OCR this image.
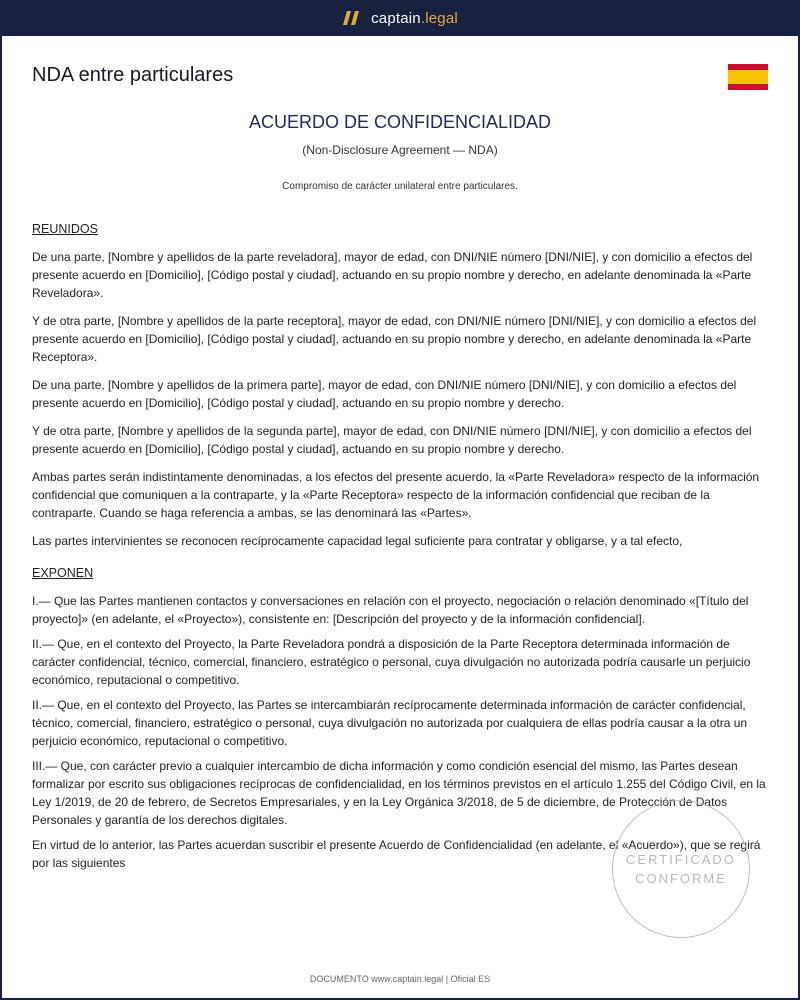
captain.legal
NDA entre particulares
ACUERDO DE CONFIDENCIALIDAD
(Non-Disclosure Agreement — NDA)
Compromiso de carácter unilateral entre particulares.
REUNIDOS

De una parte, [Nombre y apellidos de la parte reveladora], mayor de edad, con DNI/NIE número [DNI/NIE], y con domicilio a efectos del presente acuerdo en [Domicilio], [Código postal y ciudad], actuando en su propio nombre y derecho, en adelante denominada la «Parte Reveladora».

Y de otra parte, [Nombre y apellidos de la parte receptora], mayor de edad, con DNI/NIE número [DNI/NIE], y con domicilio a efectos del presente acuerdo en [Domicilio], [Código postal y ciudad], actuando en su propio nombre y derecho, en adelante denominada la «Parte Receptora».

De una parte, [Nombre y apellidos de la primera parte], mayor de edad, con DNI/NIE número [DNI/NIE], y con domicilio a efectos del presente acuerdo en [Domicilio], [Código postal y ciudad], actuando en su propio nombre y derecho.

Y de otra parte, [Nombre y apellidos de la segunda parte], mayor de edad, con DNI/NIE número [DNI/NIE], y con domicilio a efectos del presente acuerdo en [Domicilio], [Código postal y ciudad], actuando en su propio nombre y derecho.

Ambas partes serán indistintamente denominadas, a los efectos del presente acuerdo, la «Parte Reveladora» respecto de la información confidencial que comuniquen a la contraparte, y la «Parte Receptora» respecto de la información confidencial que reciban de la contraparte. Cuando se haga referencia a ambas, se las denominará las «Partes».

Las partes intervinientes se reconocen recíprocamente capacidad legal suficiente para contratar y obligarse, y a tal efecto,

EXPONEN

I.— Que las Partes mantienen contactos y conversaciones en relación con el proyecto, negociación o relación denominado «[Título del proyecto]» (en adelante, el «Proyecto»), consistente en: [Descripción del proyecto y de la información confidencial].

II.— Que, en el contexto del Proyecto, la Parte Reveladora pondrá a disposición de la Parte Receptora determinada información de carácter confidencial, técnico, comercial, financiero, estratégico o personal, cuya divulgación no autorizada podría causarle un perjuicio económico, reputacional o competitivo.

II.— Que, en el contexto del Proyecto, las Partes se intercambiarán recíprocamente determinada información de carácter confidencial, técnico, comercial, financiero, estratégico o personal, cuya divulgación no autorizada por cualquiera de ellas podría causar a la otra un perjuicio económico, reputacional o competitivo.

III.— Que, con carácter previo a cualquier intercambio de dicha información y como condición esencial del mismo, las Partes desean formalizar por escrito sus obligaciones recíprocas de confidencialidad, en los términos previstos en el artículo 1.255 del Código Civil, en la Ley 1/2019, de 20 de febrero, de Secretos Empresariales, y en la Ley Orgánica 3/2018, de 5 de diciembre, de Protección de Datos Personales y garantía de los derechos digitales.

En virtud de lo anterior, las Partes acuerdan suscribir el presente Acuerdo de Confidencialidad (en adelante, el «Acuerdo»), que se regirá por las siguientes	CERTIFICADO
CONFORME
DOCUMENTO www.captain.legal | Oficial ES
